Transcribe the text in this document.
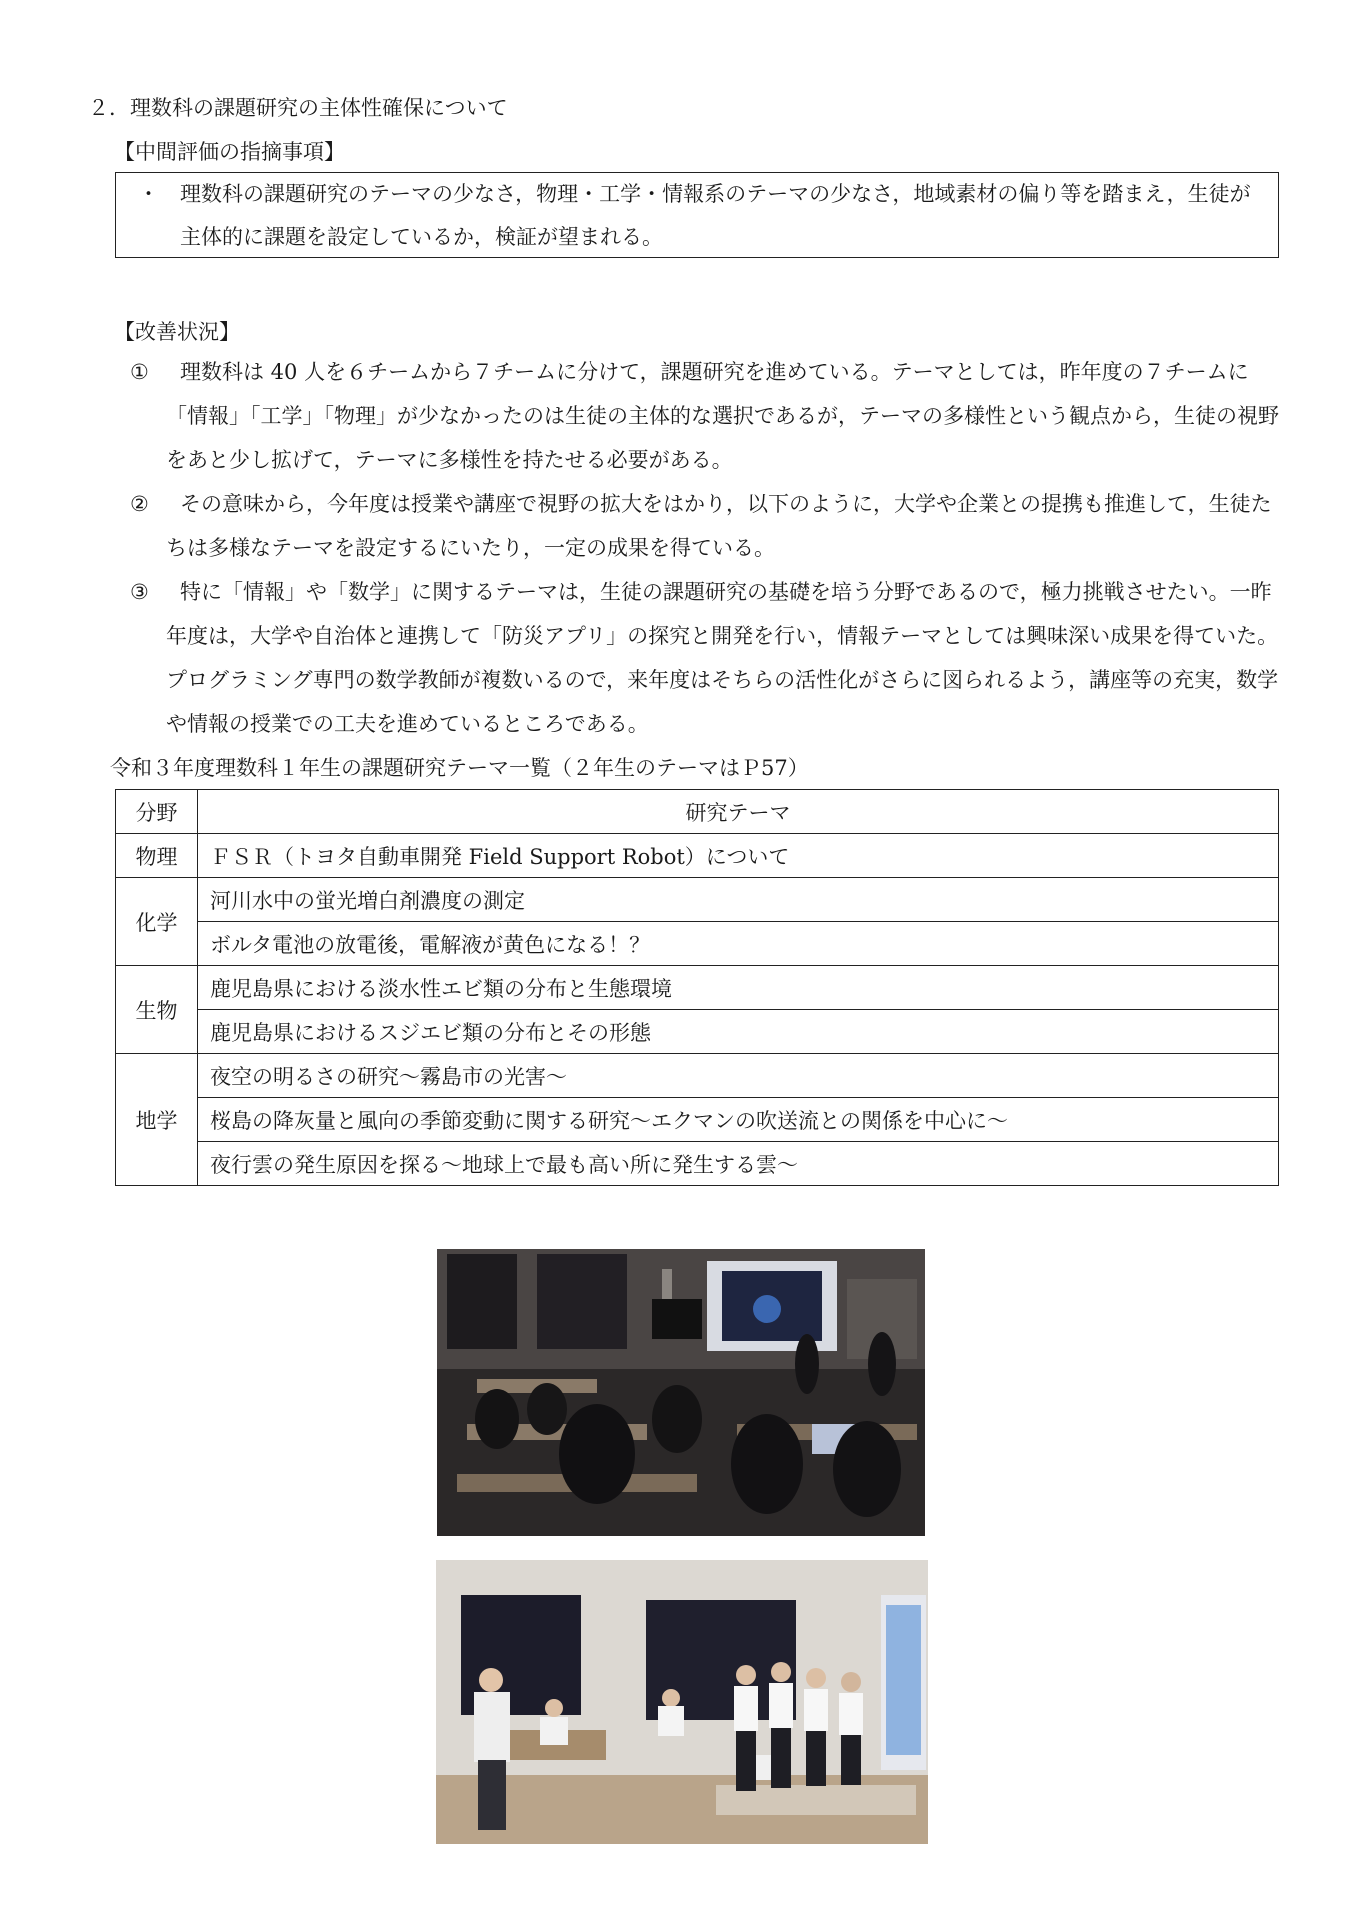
２．理数科の課題研究の主体性確保について
【中間評価の指摘事項】
・	理数科の課題研究のテーマの少なさ，物理・工学・情報系のテーマの少なさ，地域素材の偏り等を踏まえ，生徒が主体的に課題を設定しているか，検証が望まれる。
【改善状況】
①	理数科は 40 人を６チームから７チームに分けて，課題研究を進めている。テーマとしては，昨年度の７チームに「情報」「工学」「物理」が少なかったのは生徒の主体的な選択であるが，テーマの多様性という観点から，生徒の視野をあと少し拡げて，テーマに多様性を持たせる必要がある。
②	その意味から，今年度は授業や講座で視野の拡大をはかり，以下のように，大学や企業との提携も推進して，生徒たちは多様なテーマを設定するにいたり，一定の成果を得ている。
③	特に「情報」や「数学」に関するテーマは，生徒の課題研究の基礎を培う分野であるので，極力挑戦させたい。一昨年度は，大学や自治体と連携して「防災アプリ」の探究と開発を行い，情報テーマとしては興味深い成果を得ていた。プログラミング専門の数学教師が複数いるので，来年度はそちらの活性化がさらに図られるよう，講座等の充実，数学や情報の授業での工夫を進めているところである。
令和３年度理数科１年生の課題研究テーマ一覧（２年生のテーマはＰ57）
分野	研究テーマ
物理	ＦＳＲ（トヨタ自動車開発 Field Support Robot）について
化学	河川水中の蛍光増白剤濃度の測定
	ボルタ電池の放電後，電解液が黄色になる！？
生物	鹿児島県における淡水性エビ類の分布と生態環境
	鹿児島県におけるスジエビ類の分布とその形態
地学	夜空の明るさの研究～霧島市の光害～
	桜島の降灰量と風向の季節変動に関する研究～エクマンの吹送流との関係を中心に～
	夜行雲の発生原因を探る～地球上で最も高い所に発生する雲～
